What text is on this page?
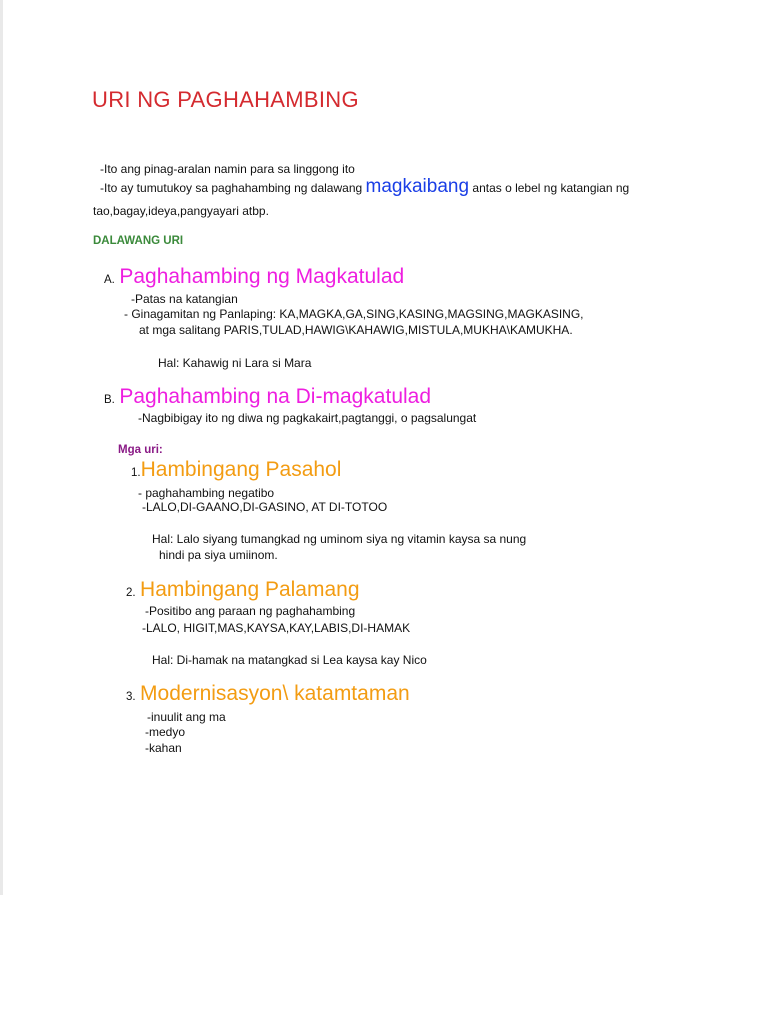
URI NG PAGHAHAMBING
-Ito ang pinag-aralan namin para sa linggong ito
-Ito ay tumutukoy sa paghahambing ng dalawang magkaibang antas o lebel ng katangian ng
tao,bagay,ideya,pangyayari atbp.
DALAWANG URI
A. Paghahambing ng Magkatulad
-Patas na katangian
- Ginagamitan ng Panlaping: KA,MAGKA,GA,SING,KASING,MAGSING,MAGKASING,
at mga salitang PARIS,TULAD,HAWIG\KAHAWIG,MISTULA,MUKHA\KAMUKHA.
Hal: Kahawig ni Lara si Mara
B. Paghahambing na Di-magkatulad
-Nagbibigay ito ng diwa ng pagkakairt,pagtanggi, o pagsalungat
Mga uri:
1.Hambingang Pasahol
- paghahambing negatibo
-LALO,DI-GAANO,DI-GASINO, AT DI-TOTOO
Hal: Lalo siyang tumangkad ng uminom siya ng vitamin kaysa sa nung
hindi pa siya umiinom.
2. Hambingang Palamang
-Positibo ang paraan ng paghahambing
-LALO, HIGIT,MAS,KAYSA,KAY,LABIS,DI-HAMAK
Hal: Di-hamak na matangkad si Lea kaysa kay Nico
3. Modernisasyon\ katamtaman
-inuulit ang ma
-medyo
-kahan
